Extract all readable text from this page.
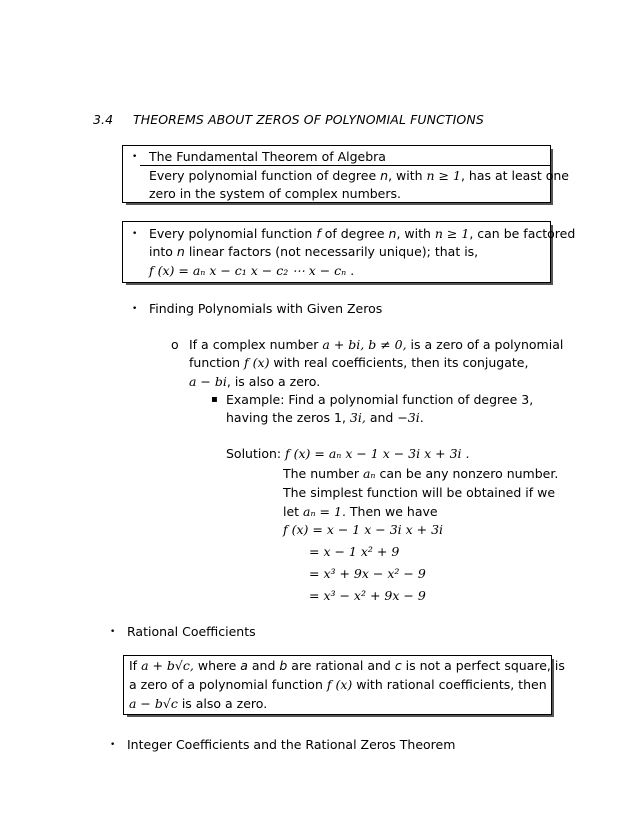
3.4 THEOREMS ABOUT ZEROS OF POLYNOMIAL FUNCTIONS
• The Fundamental Theorem of Algebra
Every polynomial function of degree n, with n ≥ 1, has at least one
zero in the system of complex numbers.
• Every polynomial function f of degree n, with n ≥ 1, can be factored
into n linear factors (not necessarily unique); that is,
f (x) = aₙ x − c₁ x − c₂ ⋯ x − cₙ .
• Finding Polynomials with Given Zeros
o If a complex number a + bi, b ≠ 0, is a zero of a polynomial
function f (x) with real coefficients, then its conjugate,
a − bi, is also a zero.
▪ Example: Find a polynomial function of degree 3,
having the zeros 1, 3i, and −3i.
Solution: f (x) = aₙ x − 1 x − 3i x + 3i .
The number aₙ can be any nonzero number.
The simplest function will be obtained if we
let aₙ = 1. Then we have
f (x) = x − 1 x − 3i x + 3i
= x − 1 x² + 9
= x³ + 9x − x² − 9
= x³ − x² + 9x − 9
• Rational Coefficients
If a + b√c, where a and b are rational and c is not a perfect square, is
a zero of a polynomial function f (x) with rational coefficients, then
a − b√c is also a zero.
• Integer Coefficients and the Rational Zeros Theorem
